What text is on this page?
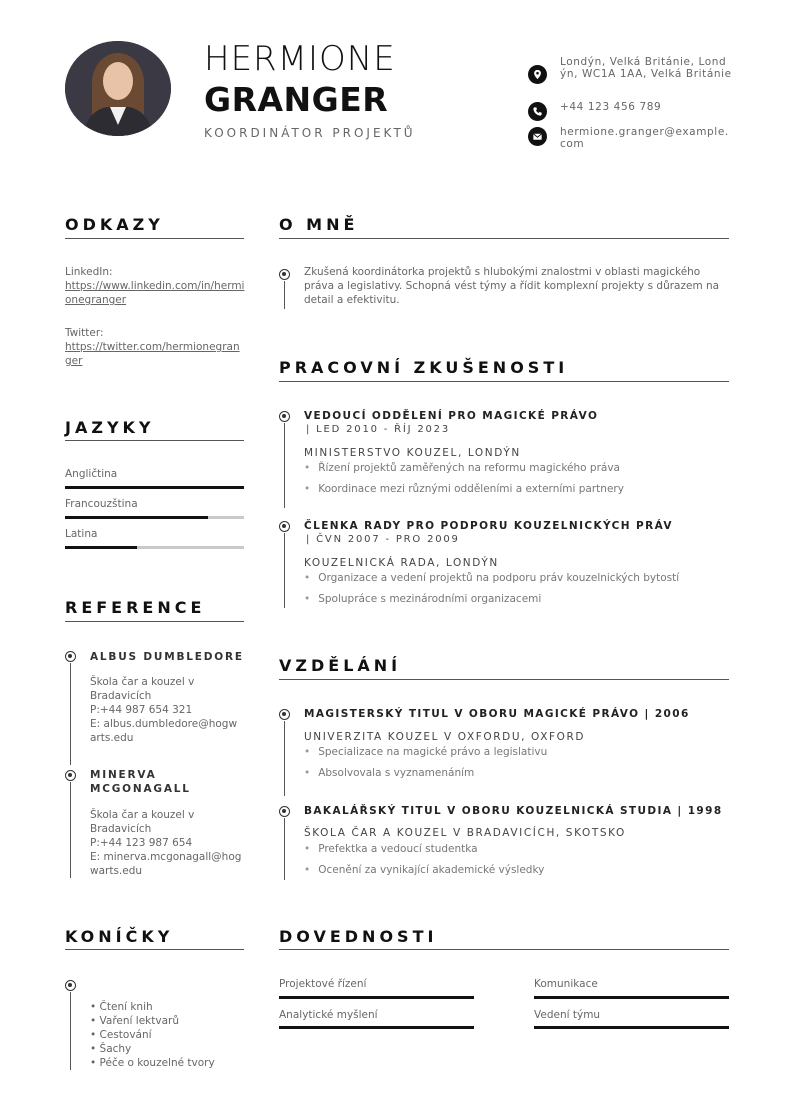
HERMIONE
GRANGER
KOORDINÁTOR PROJEKTŮ
Londýn, Velká Británie, Londýn, WC1A 1AA, Velká Británie
+44 123 456 789
hermione.granger@example.com
ODKAZY
LinkedIn:
https://www.linkedin.com/in/hermionegranger
Twitter:
https://twitter.com/hermionegranger
JAZYKY
Angličtina
Francouzština
Latina
REFERENCE
ALBUS DUMBLEDORE
Škola čar a kouzel v Bradavicích
P:+44 987 654 321
E: albus.dumbledore@hogwarts.edu
MINERVA MCGONAGALL
Škola čar a kouzel v Bradavicích
P:+44 123 987 654
E: minerva.mcgonagall@hogwarts.edu
KONÍČKY
• Čtení knih
• Vaření lektvarů
• Cestování
• Šachy
• Péče o kouzelné tvory
O MNĚ
Zkušená koordinátorka projektů s hlubokými znalostmi v oblasti magického práva a legislativy. Schopná vést týmy a řídit komplexní projekty s důrazem na detail a efektivitu.
PRACOVNÍ ZKUŠENOSTI
VEDOUCÍ ODDĚLENÍ PRO MAGICKÉ PRÁVO
| LED 2010 - ŘÍJ 2023
MINISTERSTVO KOUZEL, LONDÝN
• Řízení projektů zaměřených na reformu magického práva
• Koordinace mezi různými odděleními a externími partnery
ČLENKA RADY PRO PODPORU KOUZELNICKÝCH PRÁV
| ČVN 2007 - PRO 2009
KOUZELNICKÁ RADA, LONDÝN
• Organizace a vedení projektů na podporu práv kouzelnických bytostí
• Spolupráce s mezinárodními organizacemi
VZDĚLÁNÍ
MAGISTERSKÝ TITUL V OBORU MAGICKÉ PRÁVO | 2006
UNIVERZITA KOUZEL V OXFORDU, OXFORD
• Specializace na magické právo a legislativu
• Absolvovala s vyznamenáním
BAKALÁŘSKÝ TITUL V OBORU KOUZELNICKÁ STUDIA | 1998
ŠKOLA ČAR A KOUZEL V BRADAVICÍCH, SKOTSKO
• Prefektka a vedoucí studentka
• Ocenění za vynikající akademické výsledky
DOVEDNOSTI
Projektové řízení	Komunikace
Analytické myšlení	Vedení týmu
